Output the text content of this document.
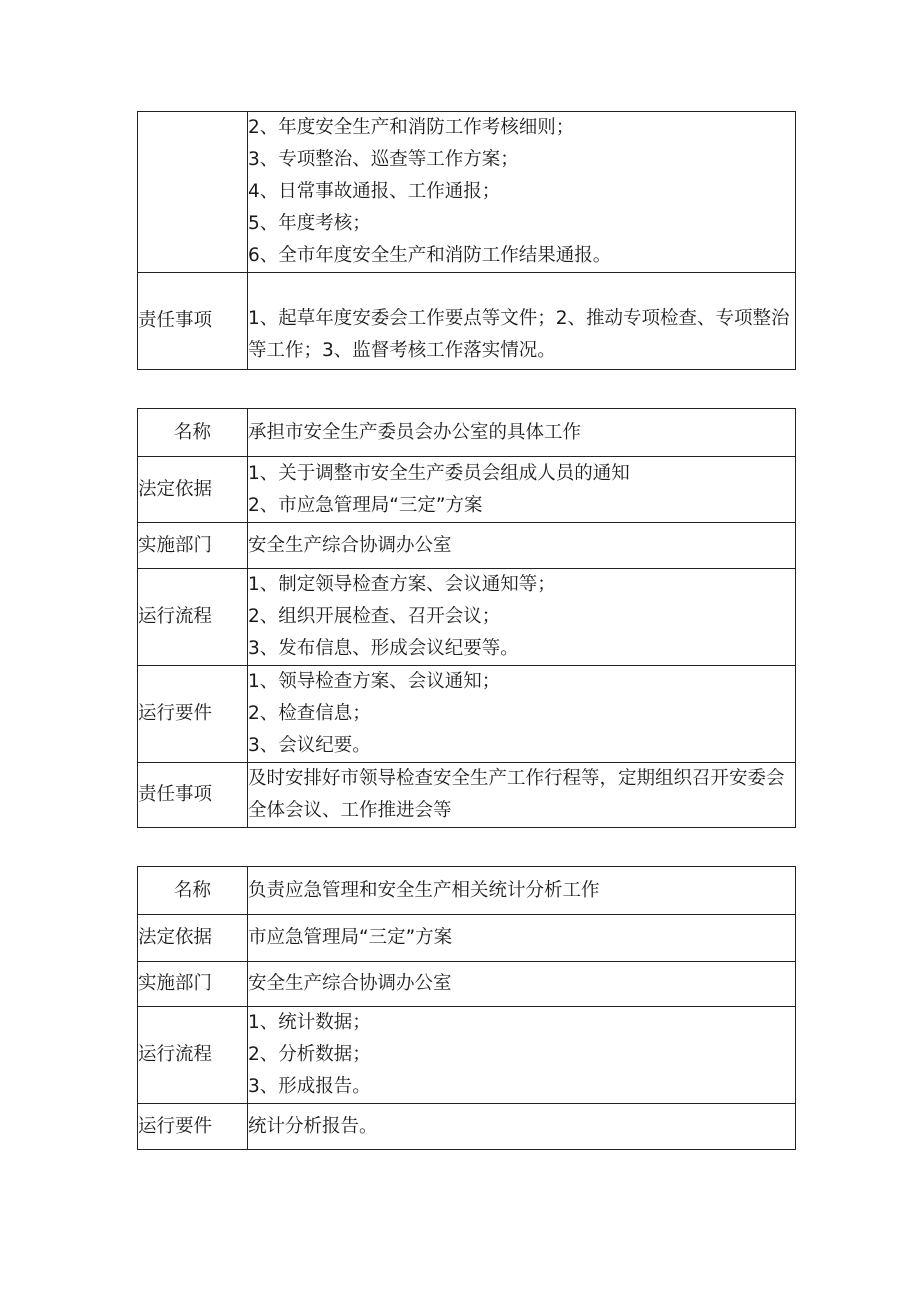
	2、年度安全生产和消防工作考核细则；
3、专项整治、巡查等工作方案；
4、日常事故通报、工作通报；
5、年度考核；
6、全市年度安全生产和消防工作结果通报。

责任事项	1、起草年度安委会工作要点等文件；2、推动专项检查、专项整治等工作；3、监督考核工作落实情况。
名称	承担市安全生产委员会办公室的具体工作
法定依据	1、关于调整市安全生产委员会组成人员的通知
2、市应急管理局“三定”方案

实施部门	安全生产综合协调办公室
运行流程	1、制定领导检查方案、会议通知等；
2、组织开展检查、召开会议；
3、发布信息、形成会议纪要等。

运行要件	1、领导检查方案、会议通知；
2、检查信息；
3、会议纪要。

责任事项	及时安排好市领导检查安全生产工作行程等，定期组织召开安委会全体会议、工作推进会等
名称	负责应急管理和安全生产相关统计分析工作
法定依据	市应急管理局“三定”方案
实施部门	安全生产综合协调办公室
运行流程	1、统计数据；
2、分析数据；
3、形成报告。

运行要件	统计分析报告。
